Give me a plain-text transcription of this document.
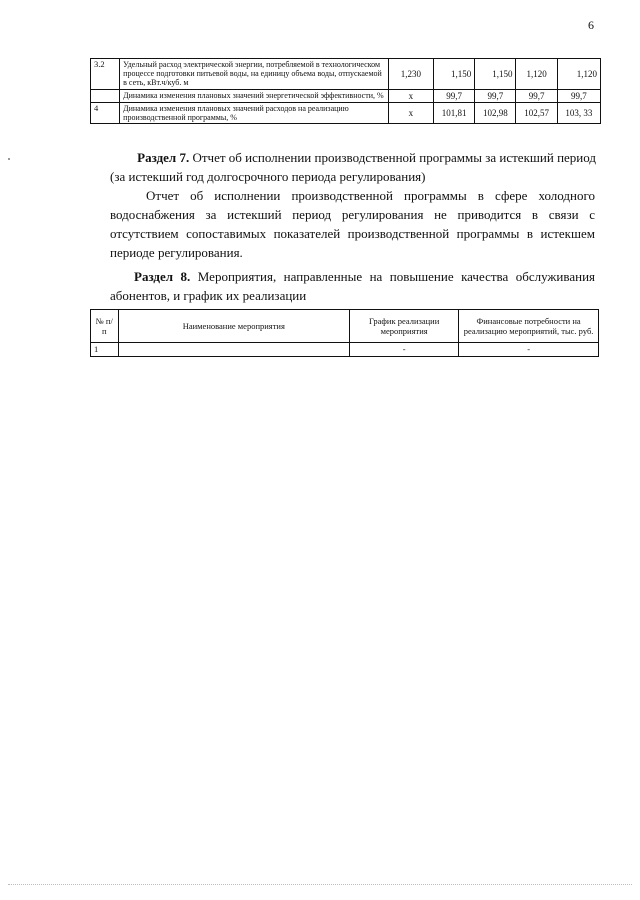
6
3.2	Удельный расход электрической энергии, потребляемой в технологическом процессе подготовки питьевой воды, на единицу объема воды, отпускаемой в сеть, кВт.ч/куб. м	1,230	1,150	1,150	1,120	1,120
	Динамика изменения плановых значений энергетической эффективности, %	х	99,7	99,7	99,7	99,7
4	Динамика изменения плановых значений расходов на реализацию производственной программы, %	х	101,81	102,98	102,57	103, 33
Раздел 7. Отчет об исполнении производственной программы за истекший период
(за истекший год долгосрочного периода регулирования)
Отчет об исполнении производственной программы в сфере холодного водоснабжения за истекший период регулирования не приводится в связи с отсутствием сопоставимых показателей производственной программы в истекшем периоде регулирования.
Раздел 8. Мероприятия, направленные на повышение качества обслуживания абонентов, и график их реализации
№ п/п	Наименование мероприятия	График реализации мероприятия	Финансовые потребности на реализацию мероприятий, тыс. руб.
1		-	-
